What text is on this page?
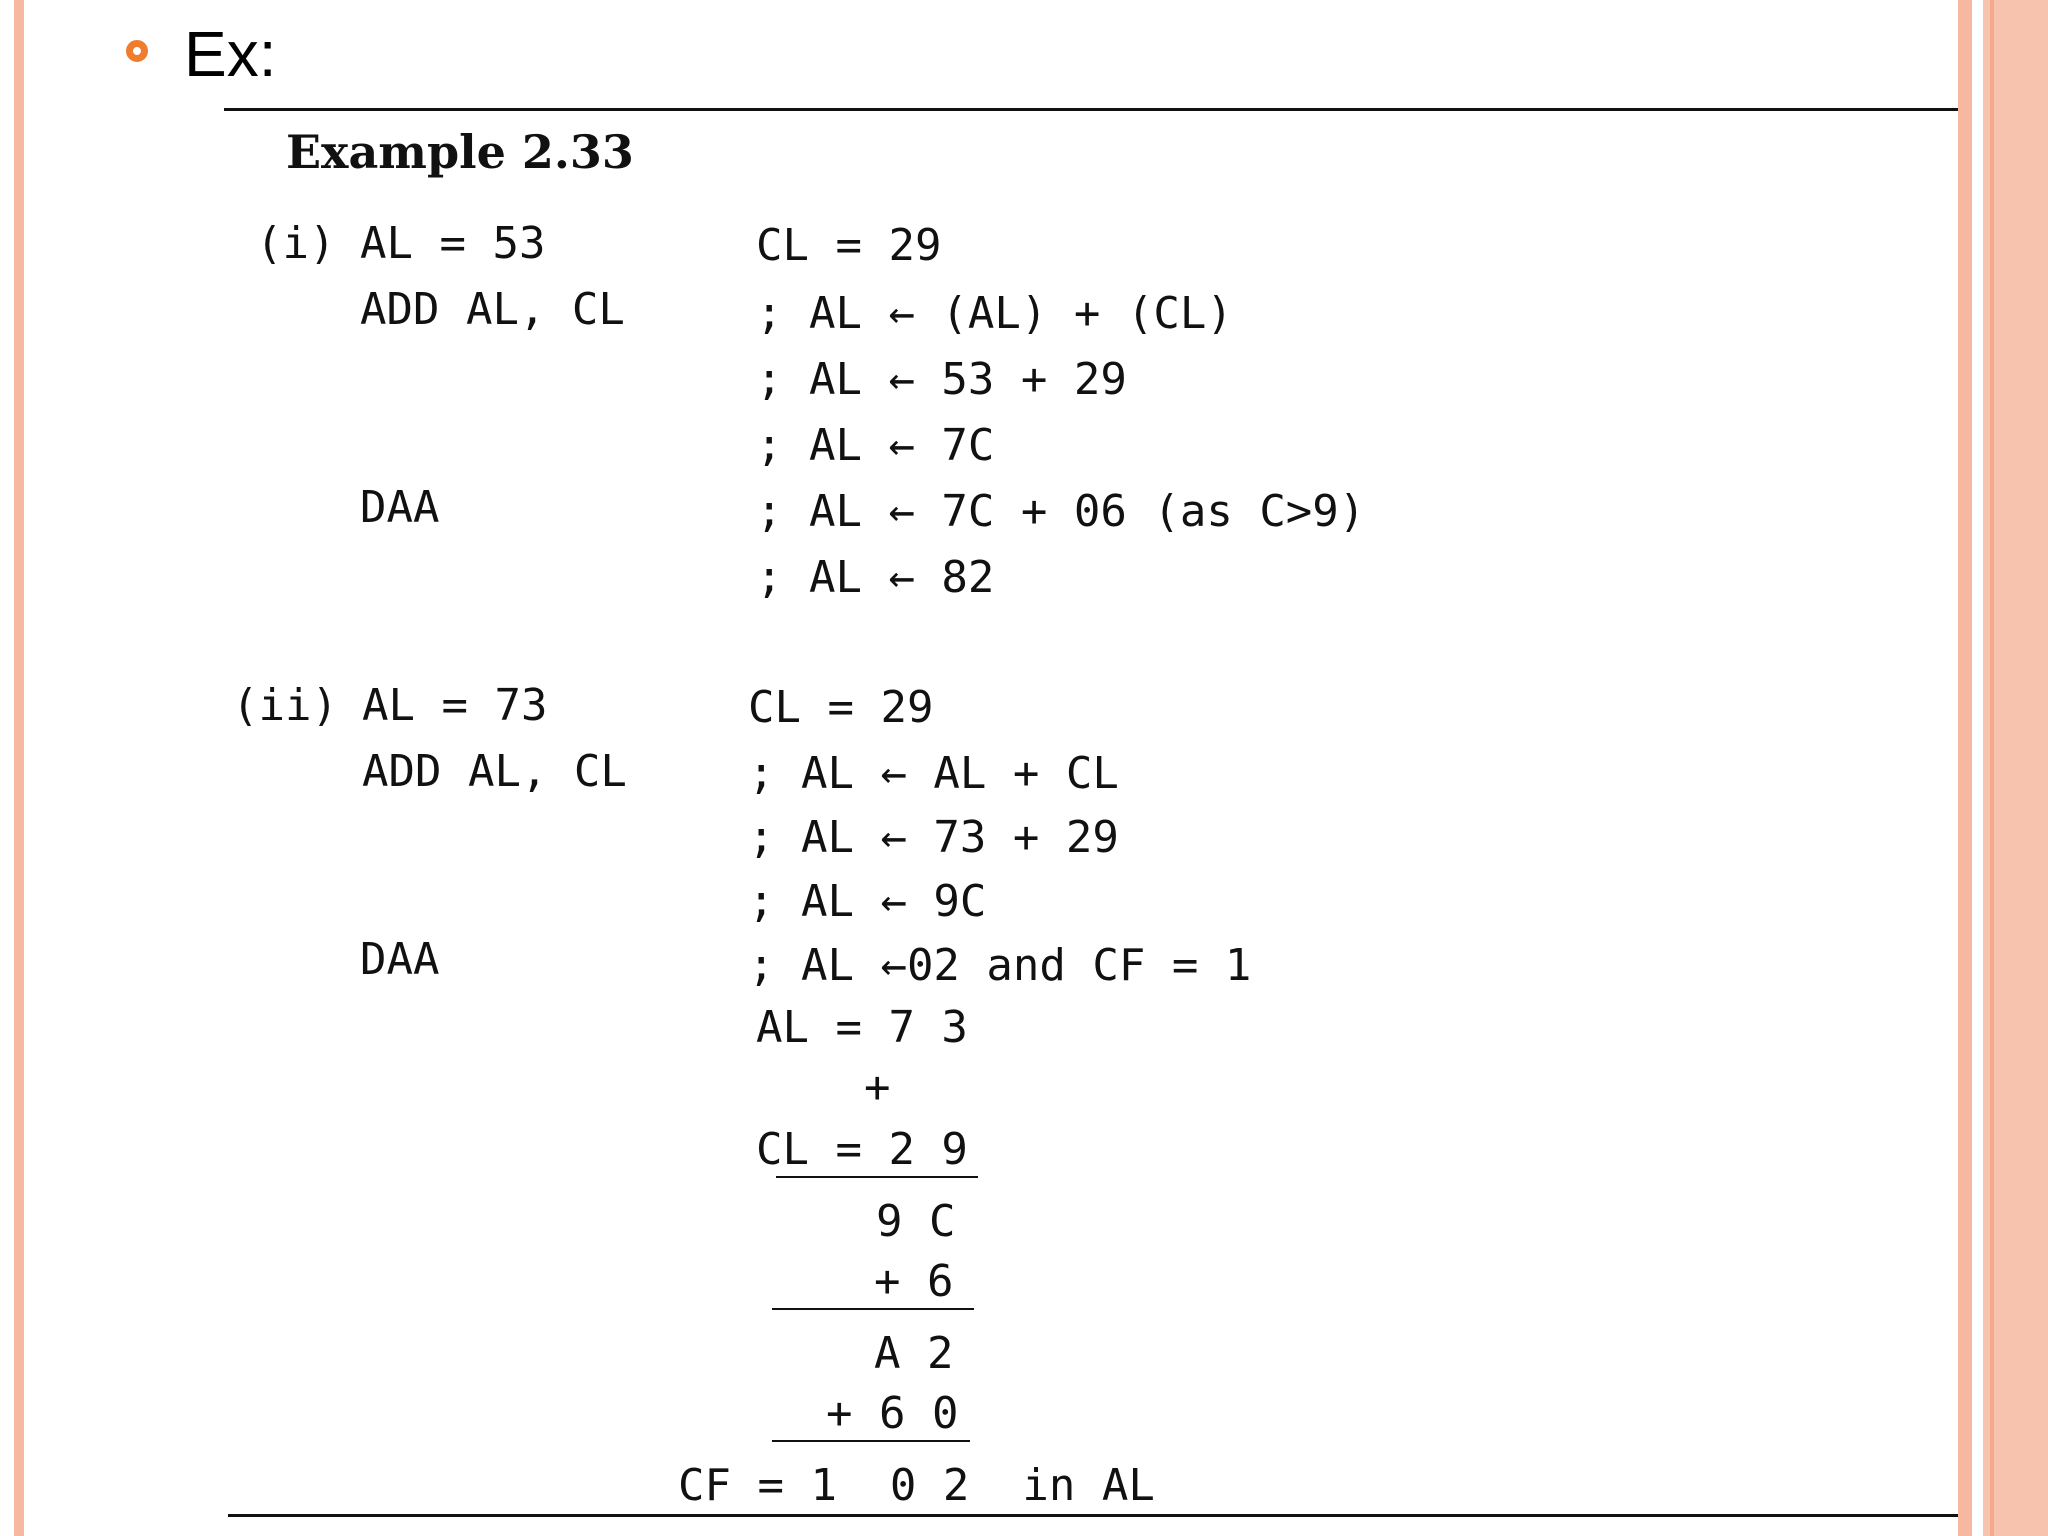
Ex:
Example 2.33
(i) AL = 53
ADD AL, CL
DAA
CL = 29
; AL ← (AL) + (CL)
; AL ← 53 + 29
; AL ← 7C
; AL ← 7C + 06 (as C>9)
; AL ← 82
(ii) AL = 73
ADD AL, CL
DAA
CL = 29
; AL ← AL + CL
; AL ← 73 + 29
; AL ← 9C
; AL ←02 and CF = 1
AL = 7 3
+
CL = 2 9
9 C
+ 6
A 2
+ 6 0
CF = 1  0 2  in AL
